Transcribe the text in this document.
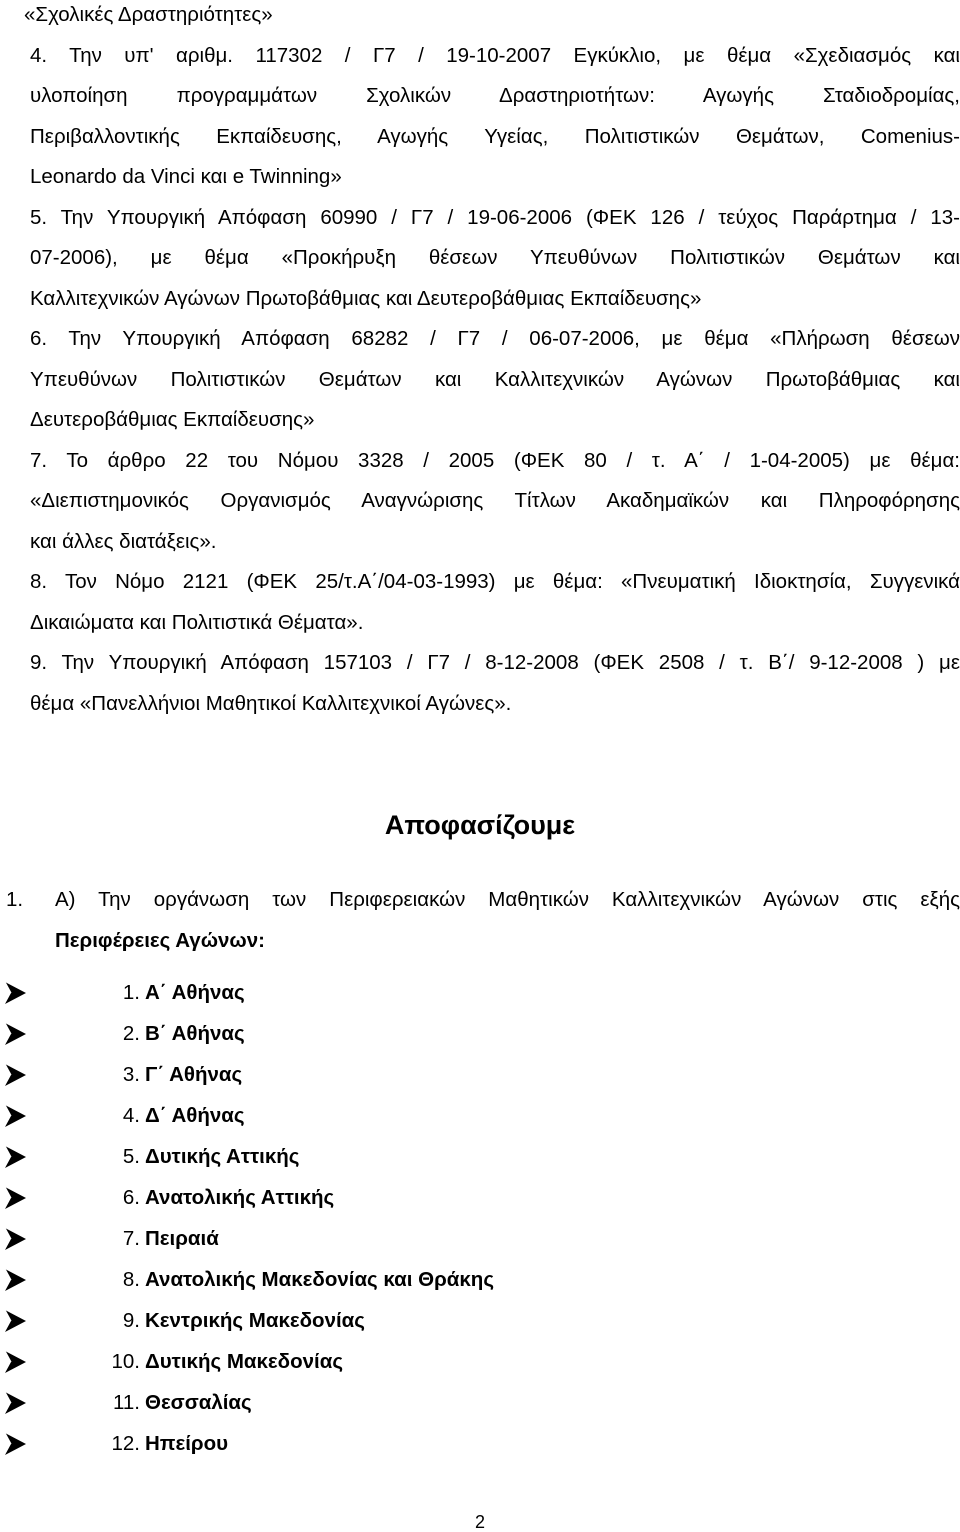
«Σχολικές Δραστηριότητες»
4. Την υπ' αριθμ. 117302 / Γ7 / 19-10-2007 Εγκύκλιο, με θέμα «Σχεδιασμός και
υλοποίηση προγραμμάτων Σχολικών Δραστηριοτήτων: Αγωγής Σταδιοδρομίας,
Περιβαλλοντικής Εκπαίδευσης, Αγωγής Υγείας, Πολιτιστικών Θεμάτων, Comenius-
Leonardo da Vinci και e Twinning»
5. Την Υπουργική Απόφαση 60990 / Γ7 / 19-06-2006 (ΦΕΚ 126 / τεύχος Παράρτημα / 13-
07-2006), με θέμα «Προκήρυξη θέσεων Υπευθύνων Πολιτιστικών Θεμάτων και
Καλλιτεχνικών Αγώνων Πρωτοβάθμιας και Δευτεροβάθμιας Εκπαίδευσης»
6. Την Υπουργική Απόφαση 68282 / Γ7 / 06-07-2006, με θέμα «Πλήρωση θέσεων
Υπευθύνων Πολιτιστικών Θεμάτων και Καλλιτεχνικών Αγώνων Πρωτοβάθμιας και
Δευτεροβάθμιας Εκπαίδευσης»
7. Το άρθρο 22 του Νόμου 3328 / 2005 (ΦΕΚ 80 / τ. Α΄ / 1-04-2005) με θέμα:
«Διεπιστημονικός Οργανισμός Αναγνώρισης Τίτλων Ακαδημαϊκών και Πληροφόρησης
και άλλες διατάξεις».
8. Τον Νόμο 2121 (ΦΕΚ 25/τ.Α΄/04-03-1993) με θέμα: «Πνευματική Ιδιοκτησία, Συγγενικά
Δικαιώματα και Πολιτιστικά Θέματα».
9. Την Υπουργική Απόφαση 157103 / Γ7 / 8-12-2008 (ΦΕΚ 2508 / τ. Β΄/ 9-12-2008 ) με
θέμα «Πανελλήνιοι Μαθητικοί Καλλιτεχνικοί Αγώνες».
Αποφασίζουμε
1. Α) Την οργάνωση των Περιφερειακών Μαθητικών Καλλιτεχνικών Αγώνων στις εξής
Περιφέρειες Αγώνων:
1. Α΄ Αθήνας
2. Β΄ Αθήνας
3. Γ΄ Αθήνας
4. Δ΄ Αθήνας
5. Δυτικής Αττικής
6. Ανατολικής Αττικής
7. Πειραιά
8. Ανατολικής Μακεδονίας και Θράκης
9. Κεντρικής Μακεδονίας
10. Δυτικής Μακεδονίας
11. Θεσσαλίας
12. Ηπείρου
2
